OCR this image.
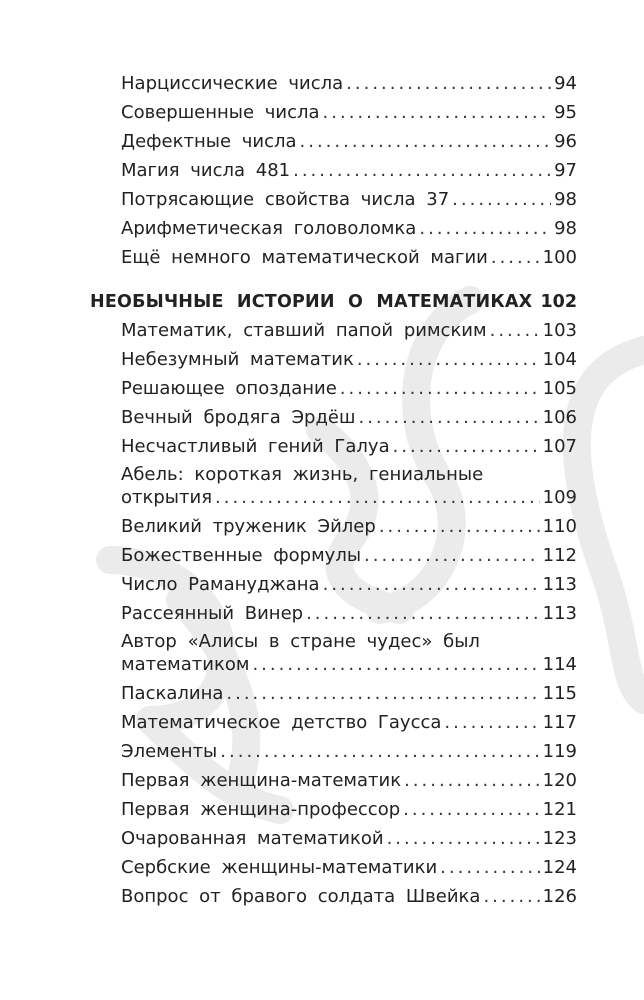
Нарциссические числа .....	94
Совершенные числа .....	95
Дефектные числа .....	96
Магия числа 481 .....	97
Потрясающие свойства числа 37 .....	98
Арифметическая головоломка .....	98
Ещё немного математической магии .....	100
НЕОБЫЧНЫЕ ИСТОРИИ О МАТЕМАТИКАХ ..... 102
Математик, ставший папой римским .....	103
Небезумный математик .....	104
Решающее опоздание .....	105
Вечный бродяга Эрдёш .....	106
Несчастливый гений Галуа .....	107
Абель: короткая жизнь, гениальные
открытия .....	109
Великий труженик Эйлер .....	110
Божественные формулы .....	112
Число Рамануджана .....	113
Рассеянный Винер .....	113
Автор «Алисы в стране чудес» был
математиком .....	114
Паскалина .....	115
Математическое детство Гаусса .....	117
Элементы .....	119
Первая женщина-математик .....	120
Первая женщина-профессор .....	121
Очарованная математикой .....	123
Сербские женщины-математики .....	124
Вопрос от бравого солдата Швейка .....	126
